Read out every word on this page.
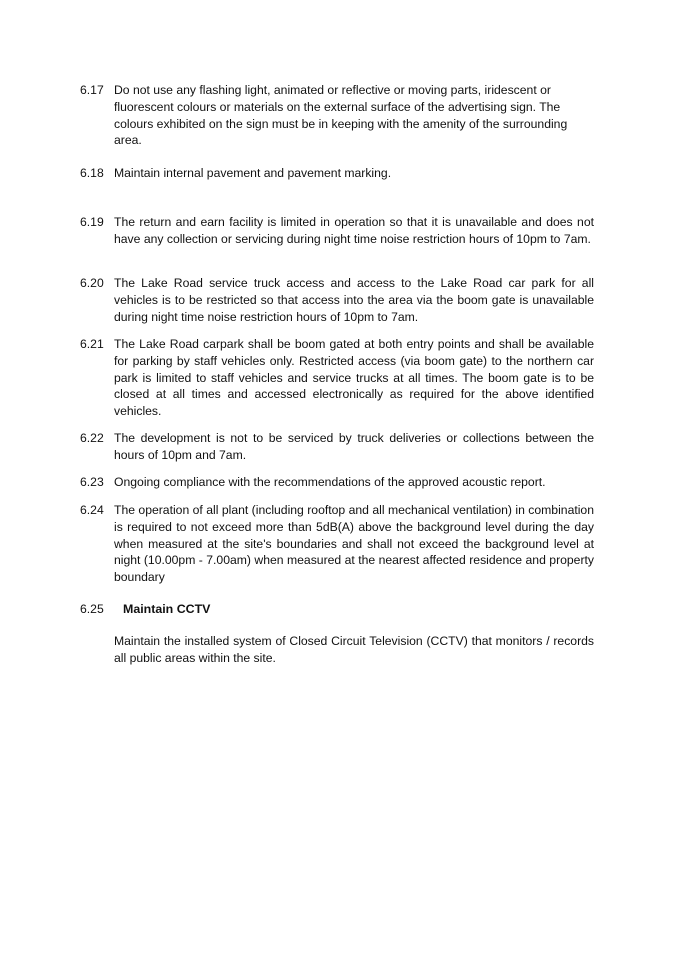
6.17 Do not use any flashing light, animated or reflective or moving parts, iridescent or fluorescent colours or materials on the external surface of the advertising sign. The colours exhibited on the sign must be in keeping with the amenity of the surrounding area.
6.18 Maintain internal pavement and pavement marking.
6.19 The return and earn facility is limited in operation so that it is unavailable and does not have any collection or servicing during night time noise restriction hours of 10pm to 7am.
6.20 The Lake Road service truck access and access to the Lake Road car park for all vehicles is to be restricted so that access into the area via the boom gate is unavailable during night time noise restriction hours of 10pm to 7am.
6.21 The Lake Road carpark shall be boom gated at both entry points and shall be available for parking by staff vehicles only. Restricted access (via boom gate) to the northern car park is limited to staff vehicles and service trucks at all times. The boom gate is to be closed at all times and accessed electronically as required for the above identified vehicles.
6.22 The development is not to be serviced by truck deliveries or collections between the hours of 10pm and 7am.
6.23 Ongoing compliance with the recommendations of the approved acoustic report.
6.24 The operation of all plant (including rooftop and all mechanical ventilation) in combination is required to not exceed more than 5dB(A) above the background level during the day when measured at the site's boundaries and shall not exceed the background level at night (10.00pm - 7.00am) when measured at the nearest affected residence and property boundary
6.25	Maintain CCTV
Maintain the installed system of Closed Circuit Television (CCTV) that monitors / records all public areas within the site.
